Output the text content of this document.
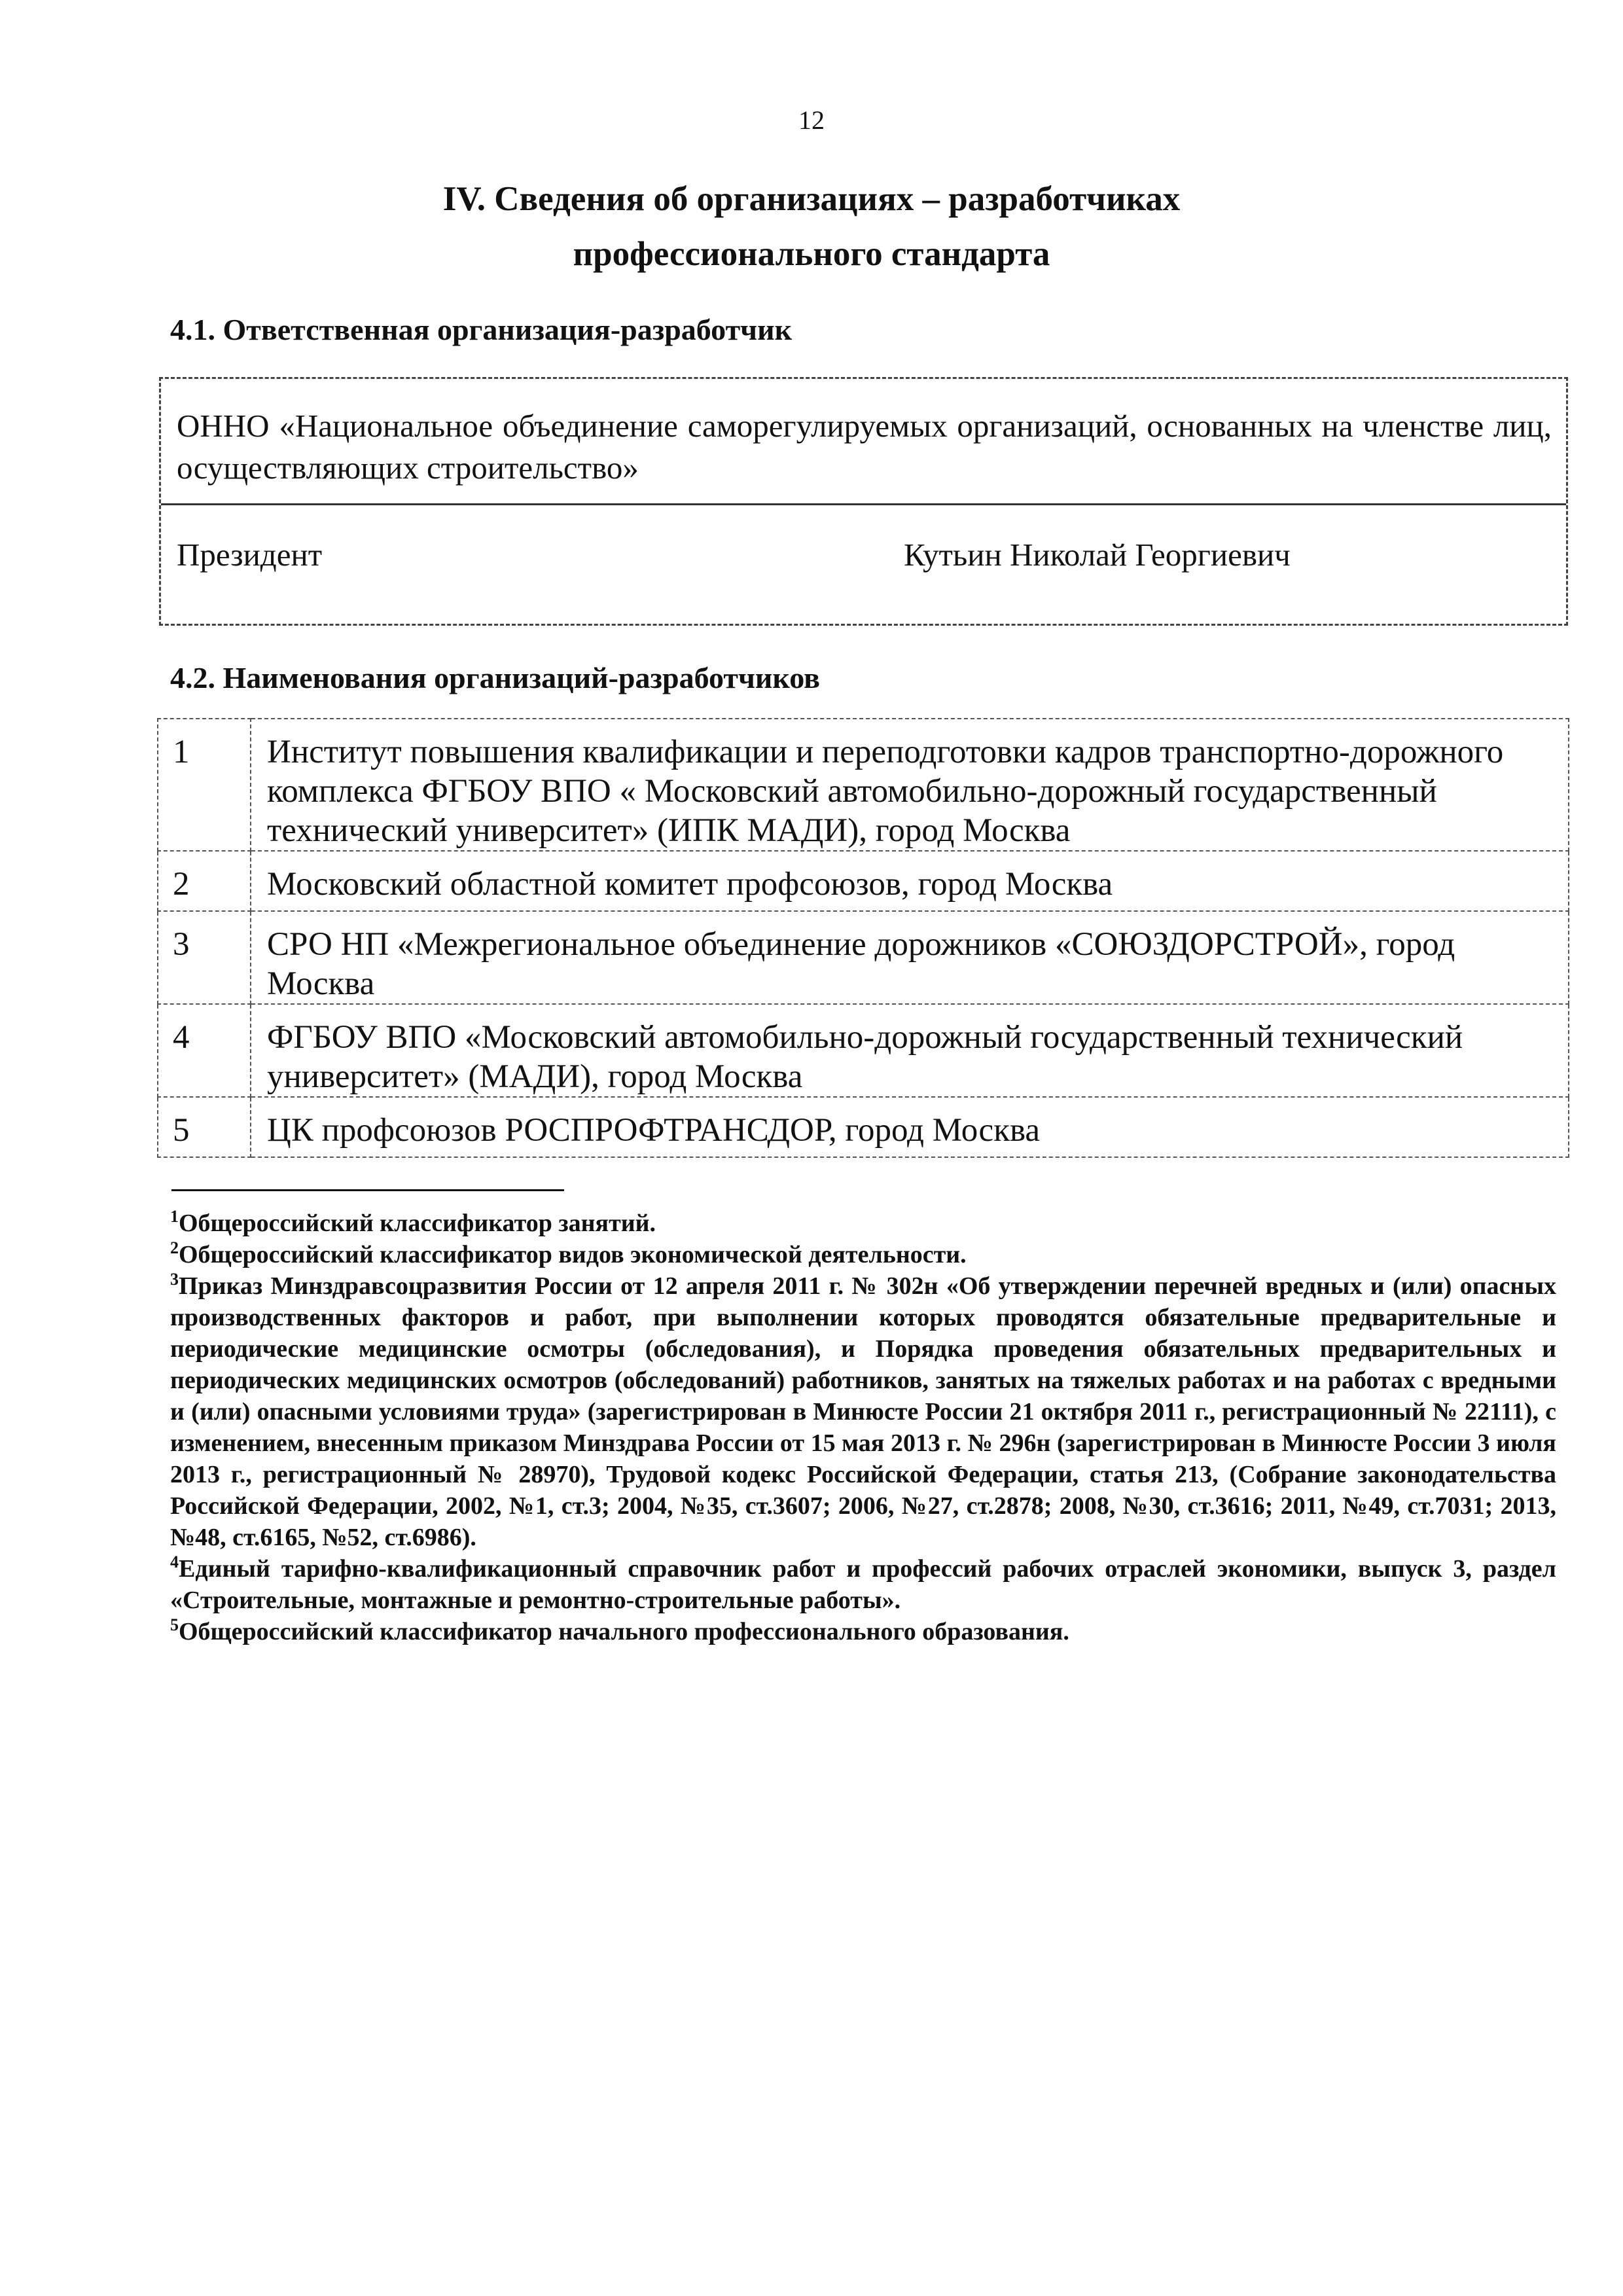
12
IV. Сведения об организациях – разработчиках
профессионального стандарта
4.1. Ответственная организация-разработчик
ОННО «Национальное объединение саморегулируемых организаций, основанных на членстве лиц, осуществляющих строительство»
Президент	Кутьин Николай Георгиевич
4.2. Наименования организаций-разработчиков
1	Институт повышения квалификации и переподготовки кадров транспортно-дорожного комплекса ФГБОУ ВПО « Московский автомобильно-дорожный государственный технический университет» (ИПК МАДИ), город Москва
2	Московский областной комитет профсоюзов, город Москва
3	СРО НП «Межрегиональное объединение дорожников «СОЮЗДОРСТРОЙ», город Москва
4	ФГБОУ ВПО «Московский автомобильно-дорожный государственный технический университет» (МАДИ), город Москва
5	ЦК профсоюзов РОСПРОФТРАНСДОР, город Москва

$^1$Общероссийский классификатор занятий.

$^2$Общероссийский классификатор видов экономической деятельности.

$^3$Приказ Минздравсоцразвития России от 12 апреля 2011 г. № 302н «Об утверждении перечней вредных и (или) опасных производственных факторов и работ, при выполнении которых проводятся обязательные предварительные и периодические медицинские осмотры (обследования), и Порядка проведения обязательных предварительных и периодических медицинских осмотров (обследований) работников, занятых на тяжелых работах и на работах с вредными и (или) опасными условиями труда» (зарегистрирован в Минюсте России 21 октября 2011 г., регистрационный № 22111), с изменением, внесенным приказом Минздрава России от 15 мая 2013 г. № 296н (зарегистрирован в Минюсте России 3 июля 2013 г., регистрационный № 28970), Трудовой кодекс Российской Федерации, статья 213, (Собрание законодательства Российской Федерации, 2002, №1, ст.3; 2004, №35, ст.3607; 2006, №27, ст.2878; 2008, №30, ст.3616; 2011, №49, ст.7031; 2013, №48, ст.6165, №52, ст.6986).

$^4$Единый тарифно-квалификационный справочник работ и профессий рабочих отраслей экономики, выпуск 3, раздел «Строительные, монтажные и ремонтно-строительные работы».

$^5$Общероссийский классификатор начального профессионального образования.
